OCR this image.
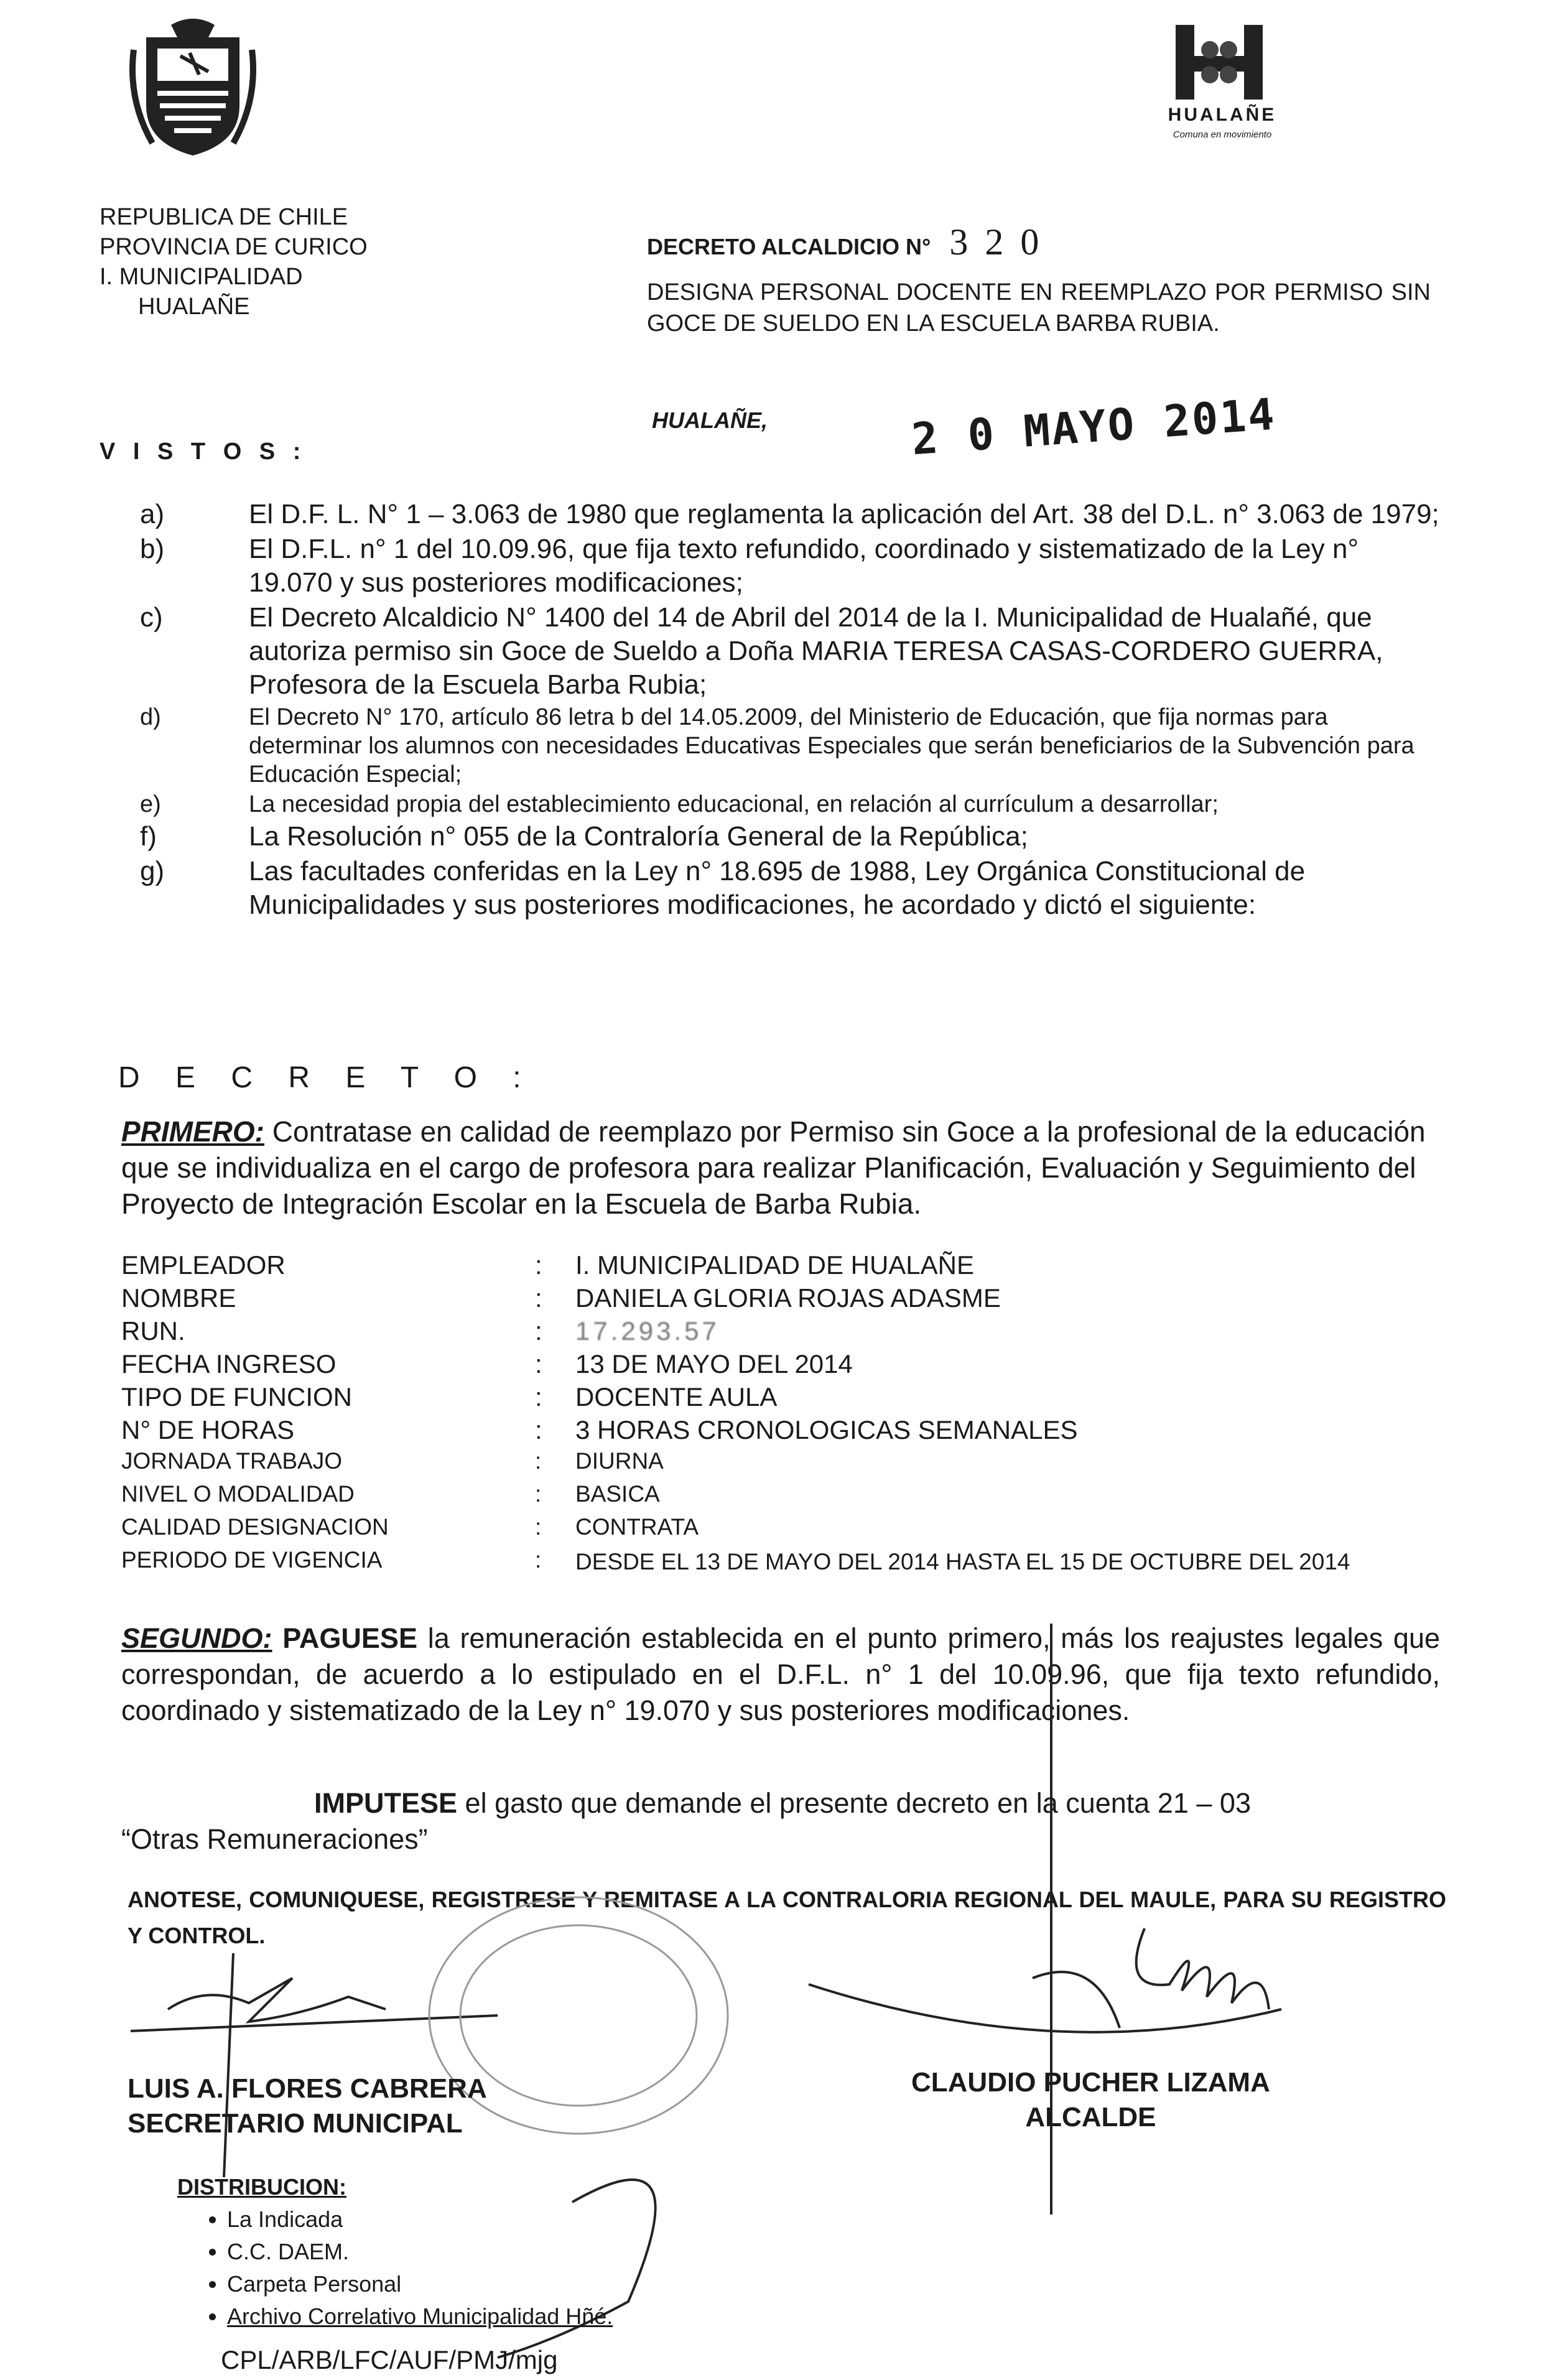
HUALAÑE
Comuna en movimiento
REPUBLICA DE CHILE
PROVINCIA DE CURICO
I. MUNICIPALIDAD
HUALAÑE
DECRETO ALCALDICIO N° 3 2 0
DESIGNA PERSONAL DOCENTE EN REEMPLAZO POR PERMISO SIN GOCE DE SUELDO EN LA ESCUELA BARBA RUBIA.
HUALAÑE,	2 0 MAYO 2014
V I S T O S :
a)	El D.F. L. N° 1 – 3.063 de 1980 que reglamenta la aplicación del Art. 38 del D.L. n° 3.063 de 1979;
b)	El D.F.L. n° 1 del 10.09.96, que fija texto refundido, coordinado y sistematizado de la Ley n° 19.070 y sus posteriores modificaciones;
c)	El Decreto Alcaldicio N° 1400 del 14 de Abril del 2014 de la I. Municipalidad de Hualañé, que autoriza permiso sin Goce de Sueldo a Doña MARIA TERESA CASAS-CORDERO GUERRA, Profesora de la Escuela Barba Rubia;
d)	El Decreto N° 170, artículo 86 letra b del 14.05.2009, del Ministerio de Educación, que fija normas para determinar los alumnos con necesidades Educativas Especiales que serán beneficiarios de la Subvención para Educación Especial;
e)	La necesidad propia del establecimiento educacional, en relación al currículum a desarrollar;
f)	La Resolución n° 055 de la Contraloría General de la República;
g)	Las facultades conferidas en la Ley n° 18.695 de 1988, Ley Orgánica Constitucional de Municipalidades y sus posteriores modificaciones, he acordado y dictó el siguiente:
D E C R E T O :
PRIMERO: Contratase en calidad de reemplazo por Permiso sin Goce a la profesional de la educación que se individualiza en el cargo de profesora para realizar Planificación, Evaluación y Seguimiento del Proyecto de Integración Escolar en la Escuela de Barba Rubia.
EMPLEADOR	:	I. MUNICIPALIDAD DE HUALAÑE
NOMBRE	:	DANIELA GLORIA ROJAS ADASME
RUN.	:	17.293.57
FECHA INGRESO	:	13 DE MAYO DEL 2014
TIPO DE FUNCION	:	DOCENTE AULA
N° DE HORAS	:	3 HORAS CRONOLOGICAS SEMANALES
JORNADA TRABAJO	:	DIURNA
NIVEL O MODALIDAD	:	BASICA
CALIDAD DESIGNACION	:	CONTRATA
PERIODO DE VIGENCIA	:	DESDE EL 13 DE MAYO DEL 2014 HASTA EL 15 DE OCTUBRE DEL 2014
SEGUNDO: PAGUESE la remuneración establecida en el punto primero, más los reajustes legales que correspondan, de acuerdo a lo estipulado en el D.F.L. n° 1 del 10.09.96, que fija texto refundido, coordinado y sistematizado de la Ley n° 19.070 y sus posteriores modificaciones.
IMPUTESE el gasto que demande el presente decreto en la cuenta 21 – 03
“Otras Remuneraciones”
ANOTESE, COMUNIQUESE, REGISTRESE Y REMITASE A LA CONTRALORIA REGIONAL DEL MAULE, PARA SU REGISTRO Y CONTROL.
LUIS A. FLORES CABRERA
SECRETARIO MUNICIPAL
CLAUDIO PUCHER LIZAMA
ALCALDE
DISTRIBUCION:
• La Indicada
• C.C. DAEM.
• Carpeta Personal
• Archivo Correlativo Municipalidad Hñé.
CPL/ARB/LFC/AUF/PMJ/mjg
